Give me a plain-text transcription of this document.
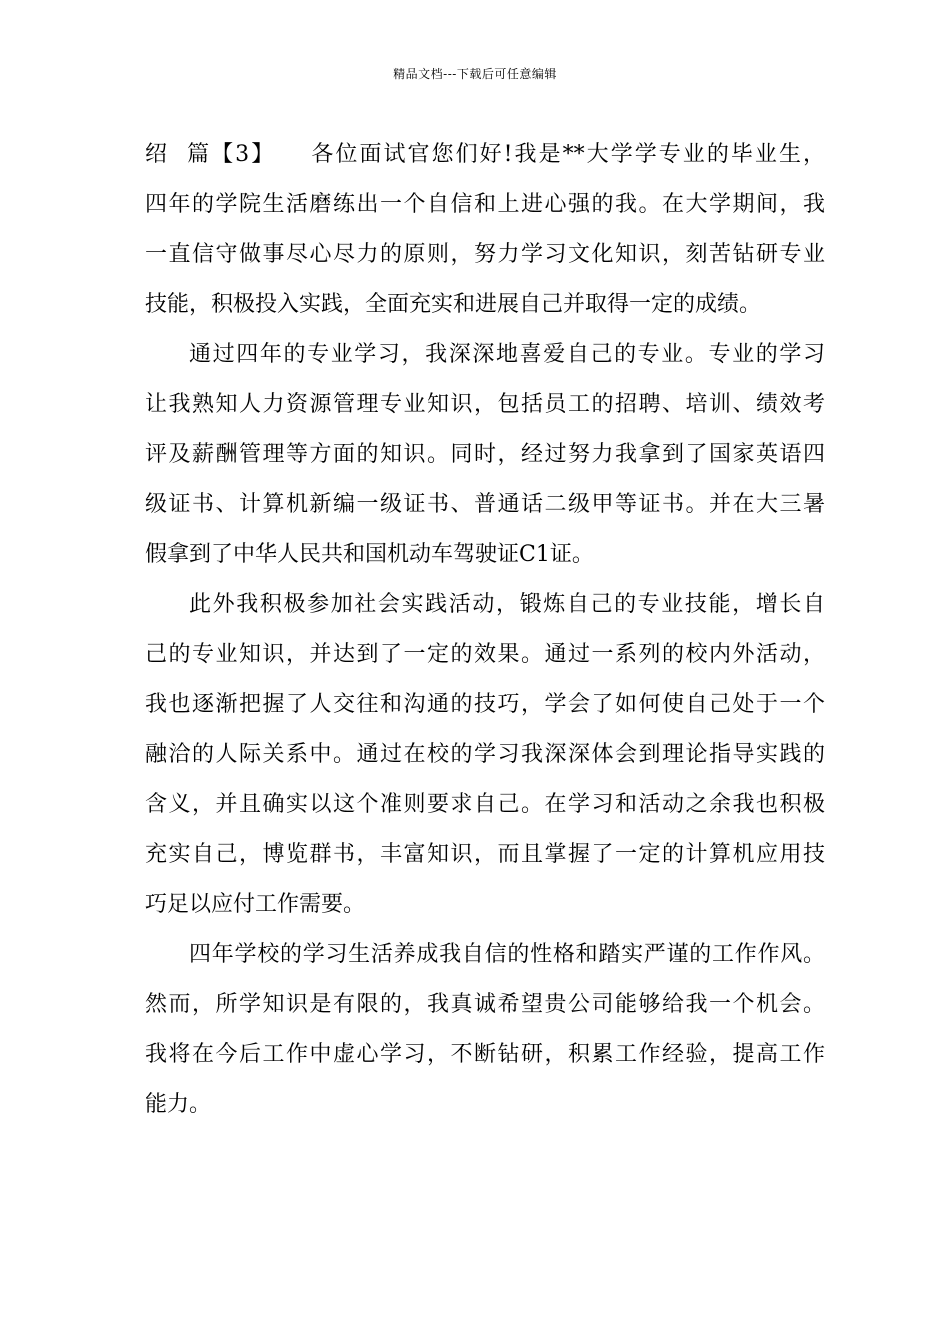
精品文档---下载后可任意编辑
绍  篇【3】    各位面试官您们好!我是**大学学专业的毕业生，
四年的学院生活磨练出一个自信和上进心强的我。在大学期间，我
一直信守做事尽心尽力的原则，努力学习文化知识，刻苦钻研专业
技能，积极投入实践，全面充实和进展自己并取得一定的成绩。
通过四年的专业学习，我深深地喜爱自己的专业。专业的学习
让我熟知人力资源管理专业知识，包括员工的招聘、培训、绩效考
评及薪酬管理等方面的知识。同时，经过努力我拿到了国家英语四
级证书、计算机新编一级证书、普通话二级甲等证书。并在大三暑
假拿到了中华人民共和国机动车驾驶证C1证。
此外我积极参加社会实践活动，锻炼自己的专业技能，增长自
己的专业知识，并达到了一定的效果。通过一系列的校内外活动，
我也逐渐把握了人交往和沟通的技巧，学会了如何使自己处于一个
融洽的人际关系中。通过在校的学习我深深体会到理论指导实践的
含义，并且确实以这个准则要求自己。在学习和活动之余我也积极
充实自己，博览群书，丰富知识，而且掌握了一定的计算机应用技
巧足以应付工作需要。
四年学校的学习生活养成我自信的性格和踏实严谨的工作作风。
然而，所学知识是有限的，我真诚希望贵公司能够给我一个机会。
我将在今后工作中虚心学习，不断钻研，积累工作经验，提高工作
能力。
